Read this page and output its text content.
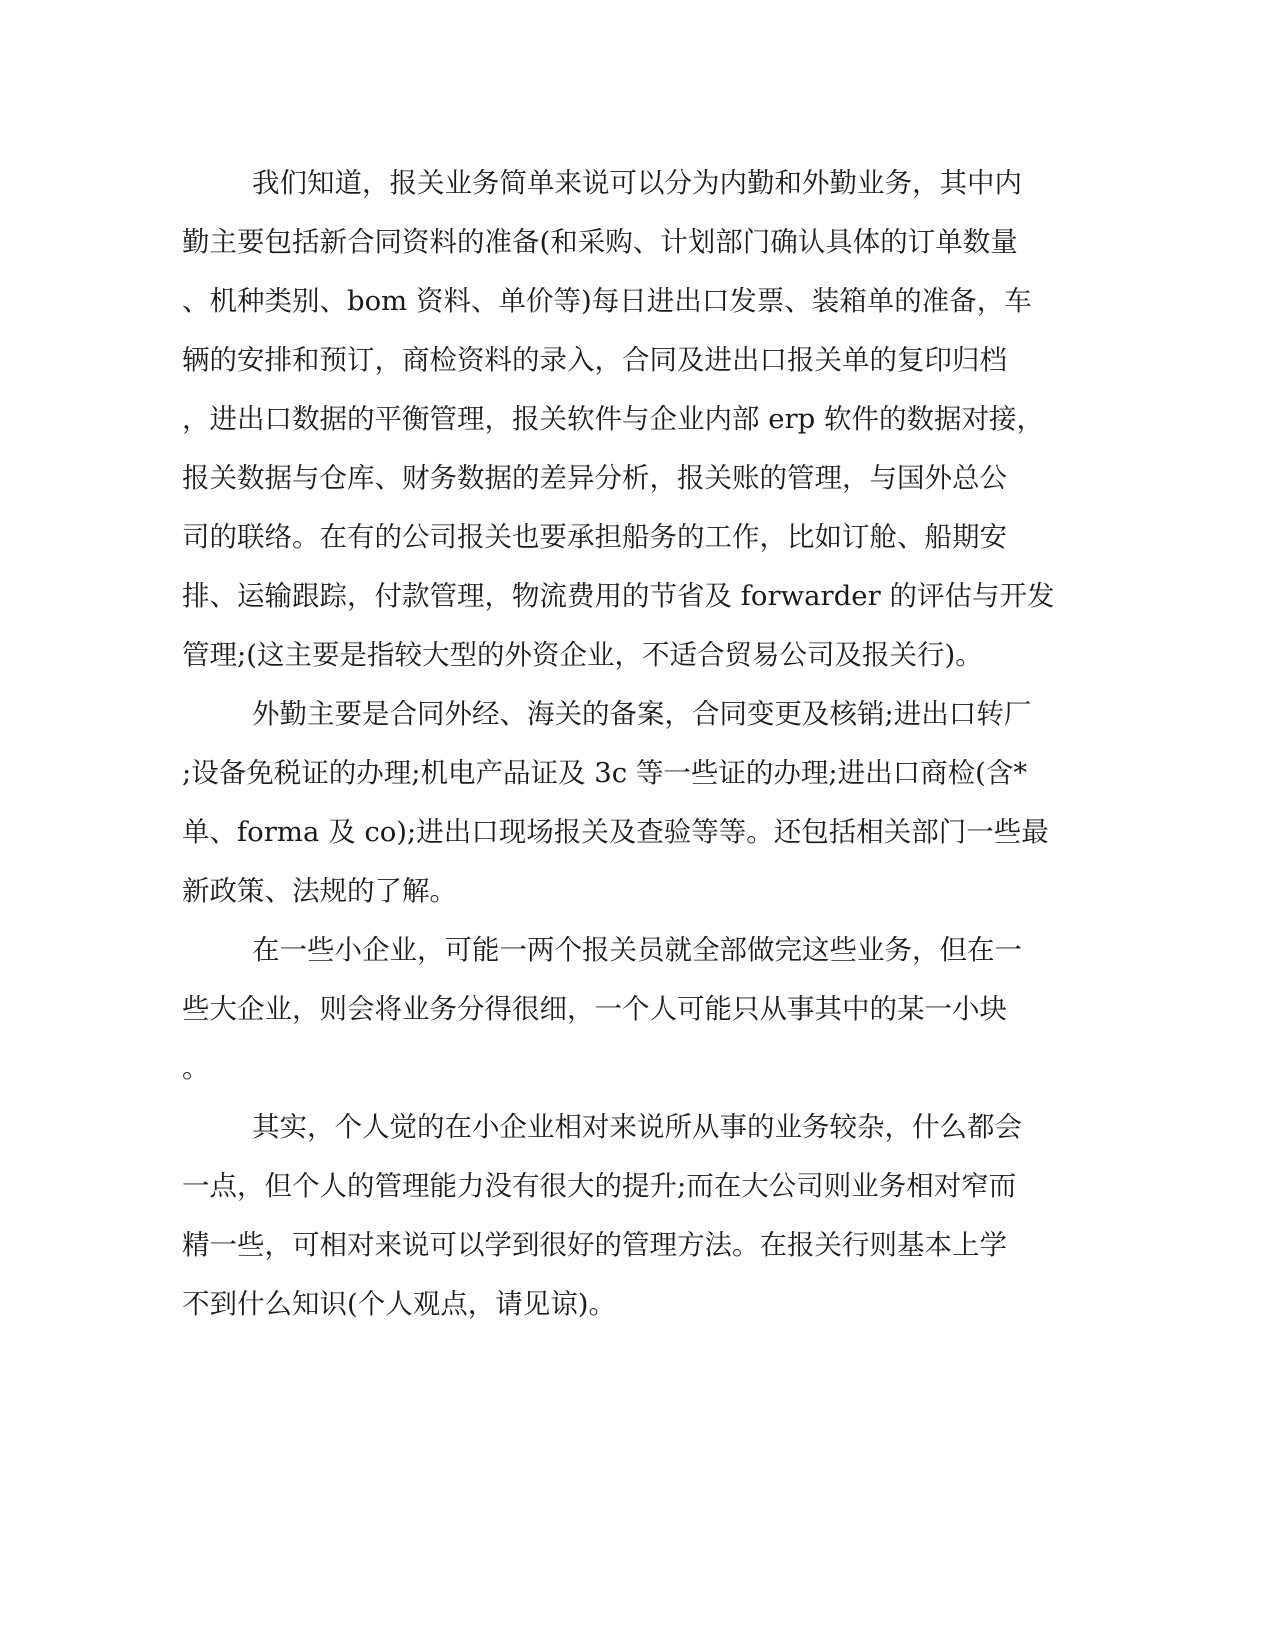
我们知道，报关业务简单来说可以分为内勤和外勤业务，其中内
勤主要包括新合同资料的准备(和采购、计划部门确认具体的订单数量
、机种类别、bom 资料、单价等)每日进出口发票、装箱单的准备，车
辆的安排和预订，商检资料的录入，合同及进出口报关单的复印归档
，进出口数据的平衡管理，报关软件与企业内部 erp 软件的数据对接，
报关数据与仓库、财务数据的差异分析，报关账的管理，与国外总公
司的联络。在有的公司报关也要承担船务的工作，比如订舱、船期安
排、运输跟踪，付款管理，物流费用的节省及 forwarder 的评估与开发
管理;(这主要是指较大型的外资企业，不适合贸易公司及报关行)。
外勤主要是合同外经、海关的备案，合同变更及核销;进出口转厂
;设备免税证的办理;机电产品证及 3c 等一些证的办理;进出口商检(含*
单、forma 及 co);进出口现场报关及查验等等。还包括相关部门一些最
新政策、法规的了解。
在一些小企业，可能一两个报关员就全部做完这些业务，但在一
些大企业，则会将业务分得很细，一个人可能只从事其中的某一小块
。
其实，个人觉的在小企业相对来说所从事的业务较杂，什么都会
一点，但个人的管理能力没有很大的提升;而在大公司则业务相对窄而
精一些，可相对来说可以学到很好的管理方法。在报关行则基本上学
不到什么知识(个人观点，请见谅)。
